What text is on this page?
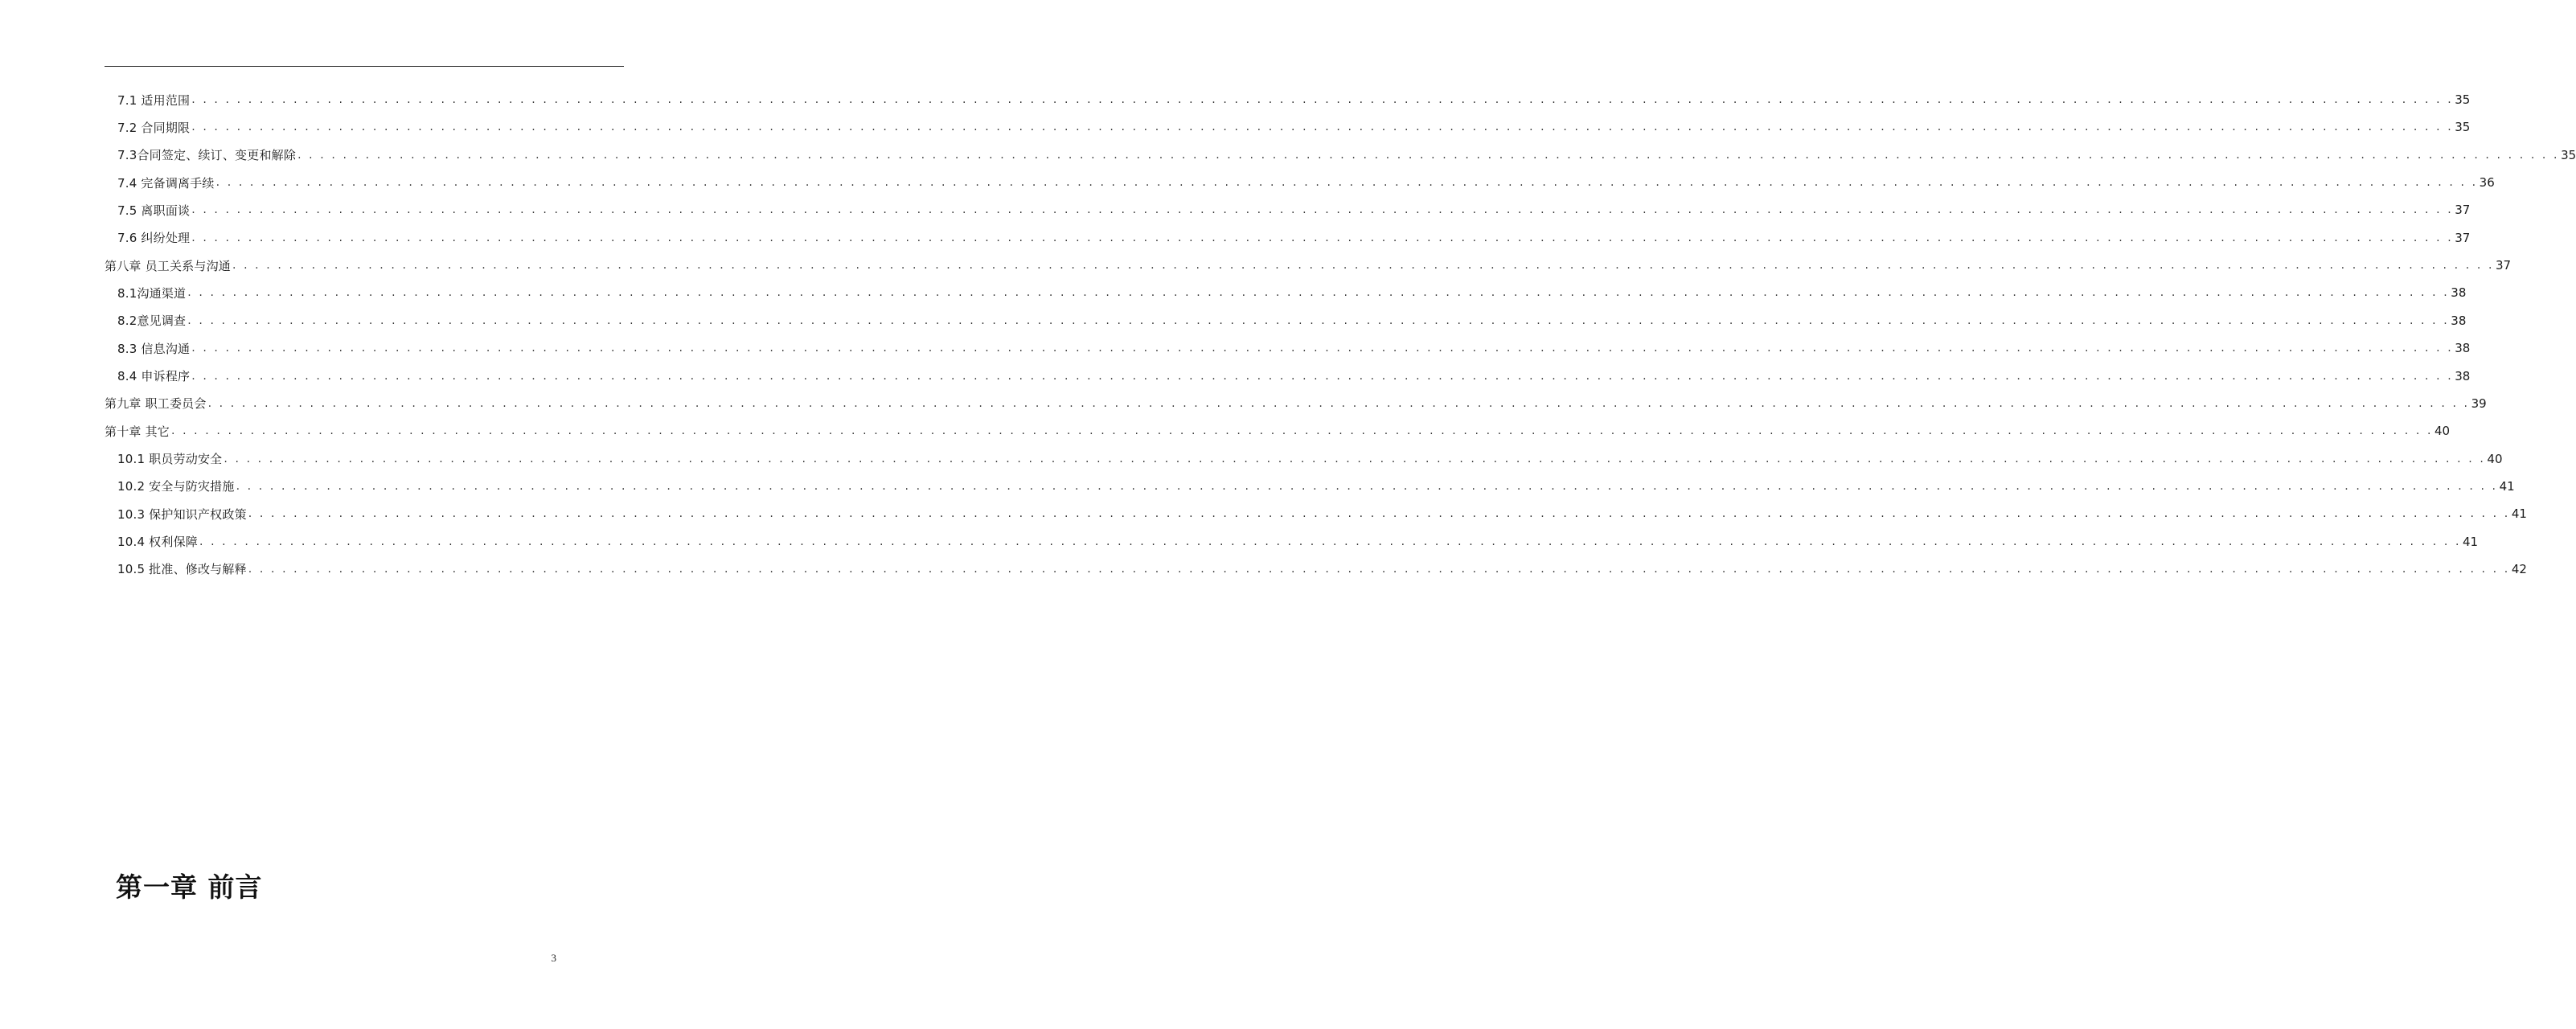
7.1 适用范围 . . . . . . . . . . . . . . . . . . . . . . . . . . . . . . . . . . . . . . . . . . . . . . . . . . . . . . . . . . . . . . . . . . . . . . . . . . . . . . . . . . . . . . . . . . . . . . . . . . . . . . . . . . . . . . . . . . . . . . . . . . . . . . . . . . . . . . . . . . . . . . . . . . . . . . . . . . . . . . . . . . . . . . . . . . . . . . . . . . . . . . . . . . . . . . . . . . . . . . . . 35
7.2 合同期限 . . . . . . . . . . . . . . . . . . . . . . . . . . . . . . . . . . . . . . . . . . . . . . . . . . . . . . . . . . . . . . . . . . . . . . . . . . . . . . . . . . . . . . . . . . . . . . . . . . . . . . . . . . . . . . . . . . . . . . . . . . . . . . . . . . . . . . . . . . . . . . . . . . . . . . . . . . . . . . . . . . . . . . . . . . . . . . . . . . . . . . . . . . . . . . . . . . . . . . . . 35
7.3合同签定、续订、变更和解除 . . . . . . . . . . . . . . . . . . . . . . . . . . . . . . . . . . . . . . . . . . . . . . . . . . . . . . . . . . . . . . . . . . . . . . . . . . . . . . . . . . . . . . . . . . . . . . . . . . . . . . . . . . . . . . . . . . . . . . . . . . . . . . . . . . . . . . . . . . . . . . . . . . . . . . . . . . . . . . . . . . . . . . . . . . . . . . . . . . . . . . . . . . . . . . . . . . . . . . . . 35
7.4 完备调离手续 . . . . . . . . . . . . . . . . . . . . . . . . . . . . . . . . . . . . . . . . . . . . . . . . . . . . . . . . . . . . . . . . . . . . . . . . . . . . . . . . . . . . . . . . . . . . . . . . . . . . . . . . . . . . . . . . . . . . . . . . . . . . . . . . . . . . . . . . . . . . . . . . . . . . . . . . . . . . . . . . . . . . . . . . . . . . . . . . . . . . . . . . . . . . . . . . . . . . . . . . 36
7.5 离职面谈 . . . . . . . . . . . . . . . . . . . . . . . . . . . . . . . . . . . . . . . . . . . . . . . . . . . . . . . . . . . . . . . . . . . . . . . . . . . . . . . . . . . . . . . . . . . . . . . . . . . . . . . . . . . . . . . . . . . . . . . . . . . . . . . . . . . . . . . . . . . . . . . . . . . . . . . . . . . . . . . . . . . . . . . . . . . . . . . . . . . . . . . . . . . . . . . . . . . . . . . . 37
7.6 纠纷处理 . . . . . . . . . . . . . . . . . . . . . . . . . . . . . . . . . . . . . . . . . . . . . . . . . . . . . . . . . . . . . . . . . . . . . . . . . . . . . . . . . . . . . . . . . . . . . . . . . . . . . . . . . . . . . . . . . . . . . . . . . . . . . . . . . . . . . . . . . . . . . . . . . . . . . . . . . . . . . . . . . . . . . . . . . . . . . . . . . . . . . . . . . . . . . . . . . . . . . . . . 37
第八章 员工关系与沟通 . . . . . . . . . . . . . . . . . . . . . . . . . . . . . . . . . . . . . . . . . . . . . . . . . . . . . . . . . . . . . . . . . . . . . . . . . . . . . . . . . . . . . . . . . . . . . . . . . . . . . . . . . . . . . . . . . . . . . . . . . . . . . . . . . . . . . . . . . . . . . . . . . . . . . . . . . . . . . . . . . . . . . . . . . . . . . . . . . . . . . . . . . . . . . . . . . . . . . . . . 37
8.1沟通渠道 . . . . . . . . . . . . . . . . . . . . . . . . . . . . . . . . . . . . . . . . . . . . . . . . . . . . . . . . . . . . . . . . . . . . . . . . . . . . . . . . . . . . . . . . . . . . . . . . . . . . . . . . . . . . . . . . . . . . . . . . . . . . . . . . . . . . . . . . . . . . . . . . . . . . . . . . . . . . . . . . . . . . . . . . . . . . . . . . . . . . . . . . . . . . . . . . . . . . . . . . 38
8.2意见调查 . . . . . . . . . . . . . . . . . . . . . . . . . . . . . . . . . . . . . . . . . . . . . . . . . . . . . . . . . . . . . . . . . . . . . . . . . . . . . . . . . . . . . . . . . . . . . . . . . . . . . . . . . . . . . . . . . . . . . . . . . . . . . . . . . . . . . . . . . . . . . . . . . . . . . . . . . . . . . . . . . . . . . . . . . . . . . . . . . . . . . . . . . . . . . . . . . . . . . . . . 38
8.3 信息沟通 . . . . . . . . . . . . . . . . . . . . . . . . . . . . . . . . . . . . . . . . . . . . . . . . . . . . . . . . . . . . . . . . . . . . . . . . . . . . . . . . . . . . . . . . . . . . . . . . . . . . . . . . . . . . . . . . . . . . . . . . . . . . . . . . . . . . . . . . . . . . . . . . . . . . . . . . . . . . . . . . . . . . . . . . . . . . . . . . . . . . . . . . . . . . . . . . . . . . . . . . 38
8.4 申诉程序 . . . . . . . . . . . . . . . . . . . . . . . . . . . . . . . . . . . . . . . . . . . . . . . . . . . . . . . . . . . . . . . . . . . . . . . . . . . . . . . . . . . . . . . . . . . . . . . . . . . . . . . . . . . . . . . . . . . . . . . . . . . . . . . . . . . . . . . . . . . . . . . . . . . . . . . . . . . . . . . . . . . . . . . . . . . . . . . . . . . . . . . . . . . . . . . . . . . . . . . . 38
第九章 职工委员会 . . . . . . . . . . . . . . . . . . . . . . . . . . . . . . . . . . . . . . . . . . . . . . . . . . . . . . . . . . . . . . . . . . . . . . . . . . . . . . . . . . . . . . . . . . . . . . . . . . . . . . . . . . . . . . . . . . . . . . . . . . . . . . . . . . . . . . . . . . . . . . . . . . . . . . . . . . . . . . . . . . . . . . . . . . . . . . . . . . . . . . . . . . . . . . . . . . . . . . . . 39
第十章 其它 . . . . . . . . . . . . . . . . . . . . . . . . . . . . . . . . . . . . . . . . . . . . . . . . . . . . . . . . . . . . . . . . . . . . . . . . . . . . . . . . . . . . . . . . . . . . . . . . . . . . . . . . . . . . . . . . . . . . . . . . . . . . . . . . . . . . . . . . . . . . . . . . . . . . . . . . . . . . . . . . . . . . . . . . . . . . . . . . . . . . . . . . . . . . . . . . . . . . . . . . 40
10.1 职员劳动安全 . . . . . . . . . . . . . . . . . . . . . . . . . . . . . . . . . . . . . . . . . . . . . . . . . . . . . . . . . . . . . . . . . . . . . . . . . . . . . . . . . . . . . . . . . . . . . . . . . . . . . . . . . . . . . . . . . . . . . . . . . . . . . . . . . . . . . . . . . . . . . . . . . . . . . . . . . . . . . . . . . . . . . . . . . . . . . . . . . . . . . . . . . . . . . . . . . . . . . . . . 40
10.2 安全与防灾措施 . . . . . . . . . . . . . . . . . . . . . . . . . . . . . . . . . . . . . . . . . . . . . . . . . . . . . . . . . . . . . . . . . . . . . . . . . . . . . . . . . . . . . . . . . . . . . . . . . . . . . . . . . . . . . . . . . . . . . . . . . . . . . . . . . . . . . . . . . . . . . . . . . . . . . . . . . . . . . . . . . . . . . . . . . . . . . . . . . . . . . . . . . . . . . . . . . . . . . . . . 41
10.3 保护知识产权政策 . . . . . . . . . . . . . . . . . . . . . . . . . . . . . . . . . . . . . . . . . . . . . . . . . . . . . . . . . . . . . . . . . . . . . . . . . . . . . . . . . . . . . . . . . . . . . . . . . . . . . . . . . . . . . . . . . . . . . . . . . . . . . . . . . . . . . . . . . . . . . . . . . . . . . . . . . . . . . . . . . . . . . . . . . . . . . . . . . . . . . . . . . . . . . . . . . . . . . . . . 41
10.4 权利保障 . . . . . . . . . . . . . . . . . . . . . . . . . . . . . . . . . . . . . . . . . . . . . . . . . . . . . . . . . . . . . . . . . . . . . . . . . . . . . . . . . . . . . . . . . . . . . . . . . . . . . . . . . . . . . . . . . . . . . . . . . . . . . . . . . . . . . . . . . . . . . . . . . . . . . . . . . . . . . . . . . . . . . . . . . . . . . . . . . . . . . . . . . . . . . . . . . . . . . . . . 41
10.5 批准、修改与解释 . . . . . . . . . . . . . . . . . . . . . . . . . . . . . . . . . . . . . . . . . . . . . . . . . . . . . . . . . . . . . . . . . . . . . . . . . . . . . . . . . . . . . . . . . . . . . . . . . . . . . . . . . . . . . . . . . . . . . . . . . . . . . . . . . . . . . . . . . . . . . . . . . . . . . . . . . . . . . . . . . . . . . . . . . . . . . . . . . . . . . . . . . . . . . . . . . . . . . . . . 42
第一章 前言
3
